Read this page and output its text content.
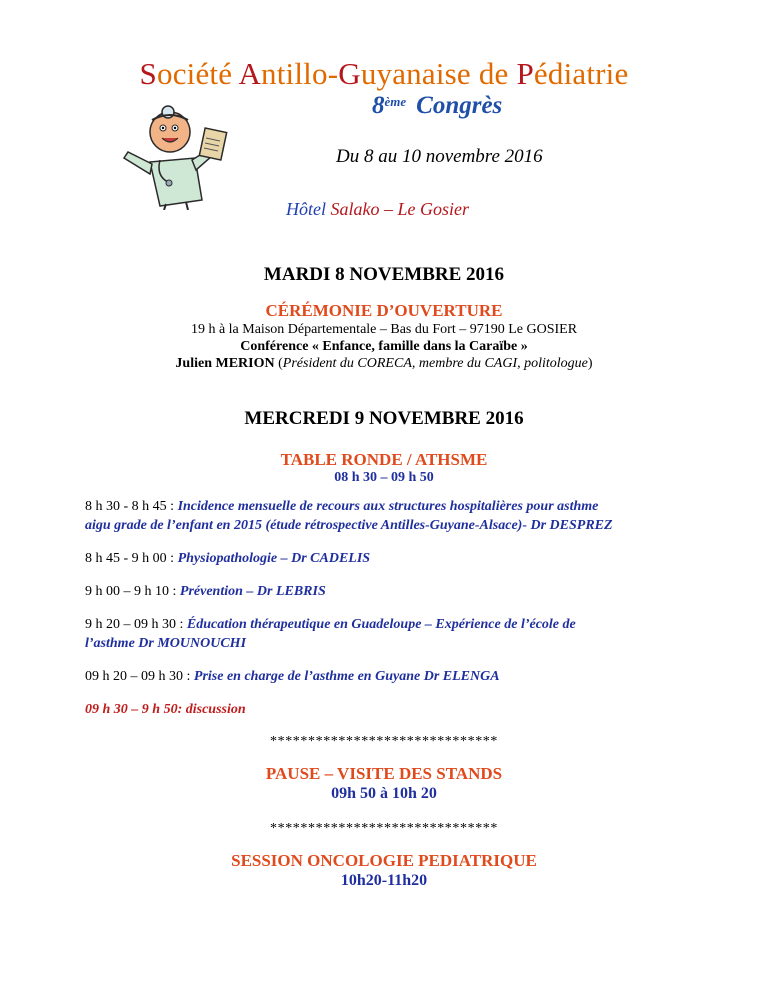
Société Antillo-Guyanaise de Pédiatrie
8ème Congrès
Du 8 au 10 novembre 2016
Hôtel Salako – Le Gosier
MARDI 8 NOVEMBRE 2016
CÉRÉMONIE D’OUVERTURE
19 h à la Maison Départementale – Bas du Fort – 97190 Le GOSIER
Conférence « Enfance, famille dans la Caraïbe »
Julien MERION (Président du CORECA, membre du CAGI, politologue)
MERCREDI 9 NOVEMBRE 2016
TABLE RONDE / ATHSME
08 h 30 – 09 h 50
8 h 30 - 8 h 45 : Incidence mensuelle de recours aux structures hospitalières pour asthme
aigu grade de l’enfant en 2015 (étude rétrospective Antilles-Guyane-Alsace)- Dr DESPREZ
8 h 45 - 9 h 00 : Physiopathologie – Dr CADELIS
9 h 00 – 9 h 10 : Prévention – Dr LEBRIS
9 h 20 – 09 h 30 : Éducation thérapeutique en Guadeloupe – Expérience de l’école de
l’asthme Dr MOUNOUCHI
09 h 20 – 09 h 30 : Prise en charge de l’asthme en Guyane Dr ELENGA
09 h 30 – 9 h 50: discussion
******************************
PAUSE – VISITE DES STANDS
09h 50 à 10h 20
******************************
SESSION ONCOLOGIE PEDIATRIQUE
10h20-11h20
